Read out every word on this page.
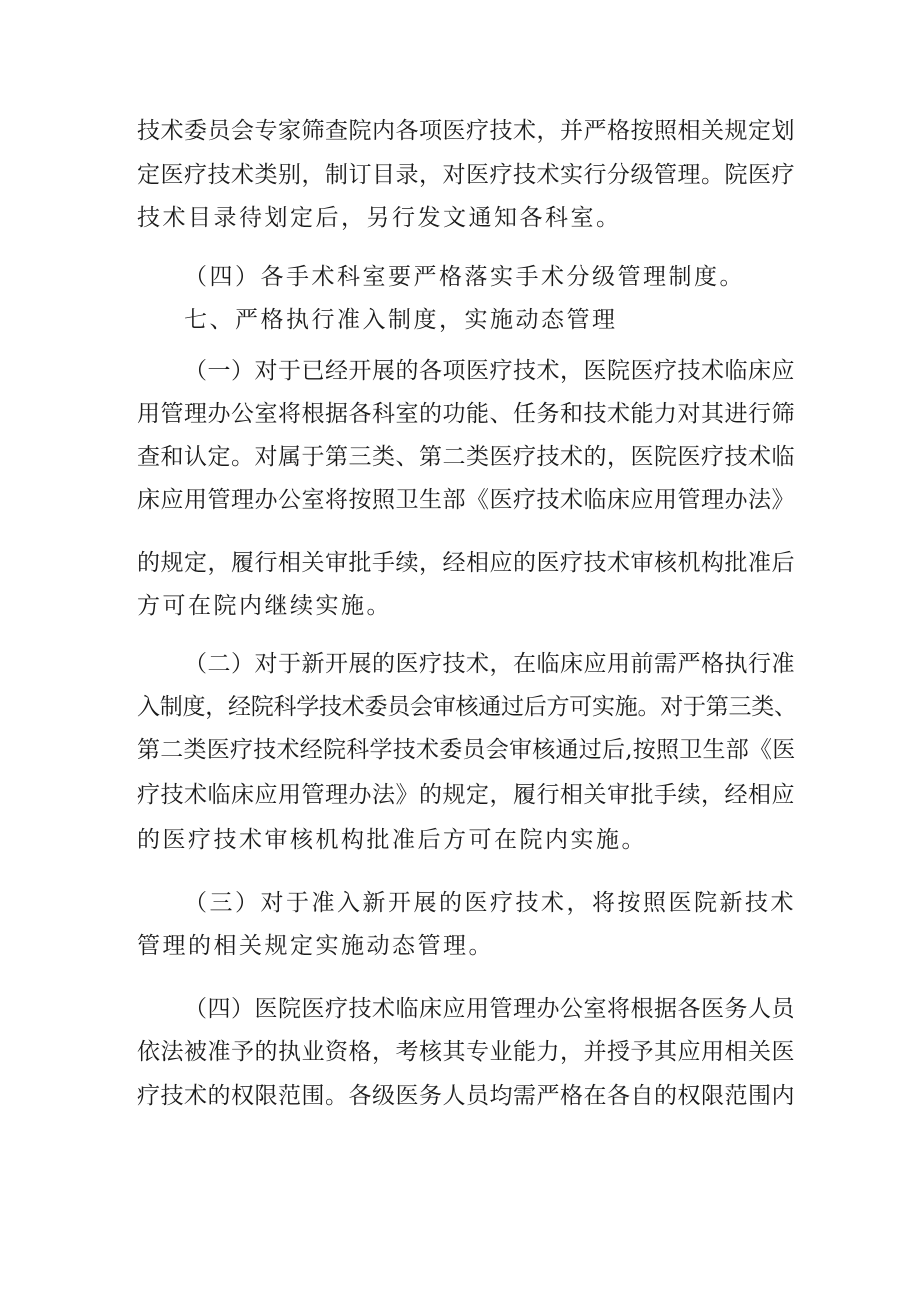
技术委员会专家筛查院内各项医疗技术，并严格按照相关规定划

定医疗技术类别，制订目录，对医疗技术实行分级管理。院医疗

技术目录待划定后，另行发文通知各科室。

（四）各手术科室要严格落实手术分级管理制度。

七、严格执行准入制度，实施动态管理

（一）对于已经开展的各项医疗技术，医院医疗技术临床应

用管理办公室将根据各科室的功能、任务和技术能力对其进行筛

查和认定。对属于第三类、第二类医疗技术的，医院医疗技术临

床应用管理办公室将按照卫生部《医疗技术临床应用管理办法》

的规定，履行相关审批手续，经相应的医疗技术审核机构批准后

方可在院内继续实施。

（二）对于新开展的医疗技术，在临床应用前需严格执行准

入制度，经院科学技术委员会审核通过后方可实施。对于第三类、

第二类医疗技术经院科学技术委员会审核通过后,按照卫生部《医

疗技术临床应用管理办法》的规定，履行相关审批手续，经相应

的医疗技术审核机构批准后方可在院内实施。

（三）对于准入新开展的医疗技术，将按照医院新技术

管理的相关规定实施动态管理。

（四）医院医疗技术临床应用管理办公室将根据各医务人员

依法被准予的执业资格，考核其专业能力，并授予其应用相关医

疗技术的权限范围。各级医务人员均需严格在各自的权限范围内
